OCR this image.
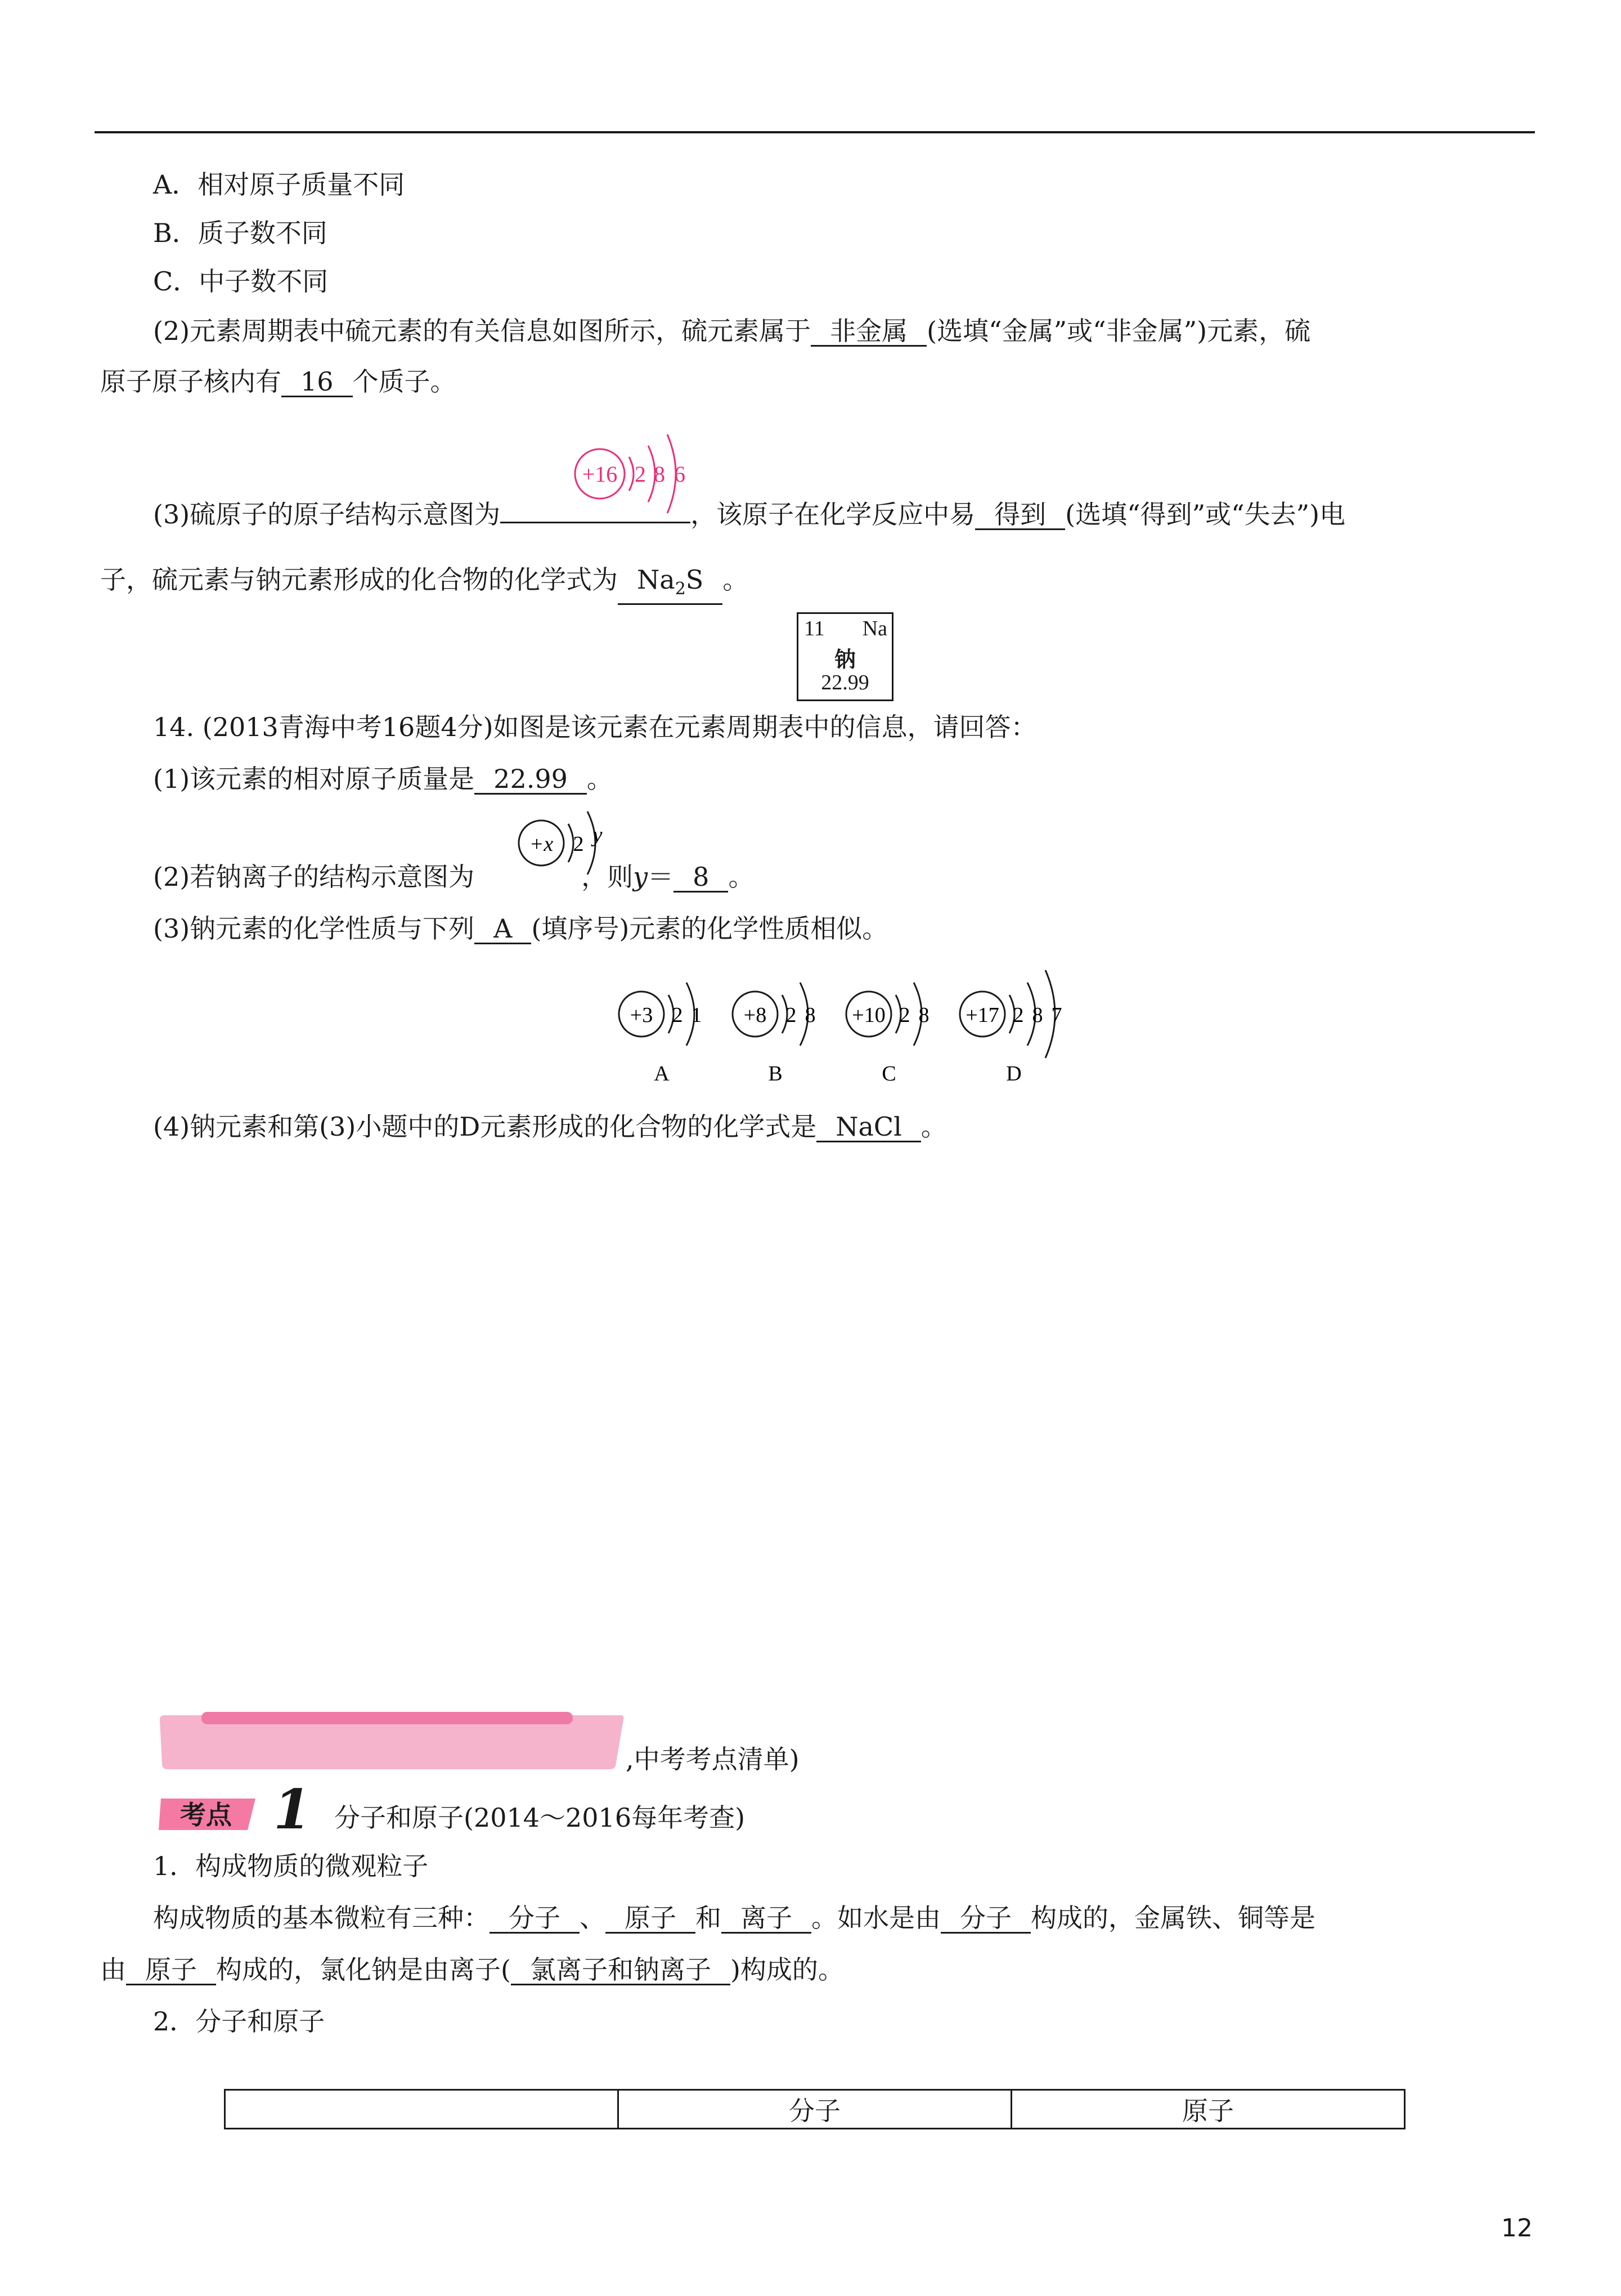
A．相对原子质量不同
B．质子数不同
C．中子数不同
(2)元素周期表中硫元素的有关信息如图所示，硫元素属于 非金属 (选填“金属”或“非金属”)元素，硫
原子原子核内有 16 个质子。
+16 2 8 6
(3)硫原子的原子结构示意图为	，该原子在化学反应中易 得到 (选填“得到”或“失去”)电
子，硫元素与钠元素形成的化合物的化学式为 $Na_2S$ 。
11 Na
钠
22.99
14. (2013青海中考16题4分)如图是该元素在元素周期表中的信息，请回答：
(1)该元素的相对原子质量是 22.99 。
+x 2 y
(2)若钠离子的结构示意图为	，则y＝ 8 。
(3)钠元素的化学性质与下列 A (填序号)元素的化学性质相似。
+3 2 1
A
+8 2 8
B
+10 2 8
C
+17 2 8 7
D
(4)钠元素和第(3)小题中的D元素形成的化合物的化学式是 NaCl 。
,中考考点清单)
考点 1 分子和原子(2014～2016每年考查)
1．构成物质的微观粒子
构成物质的基本微粒有三种： 分子 、 原子 和 离子 。如水是由 分子 构成的，金属铁、铜等是
由 原子 构成的，氯化钠是由离子( 氯离子和钠离子 )构成的。
2．分子和原子
	分子	原子
12
